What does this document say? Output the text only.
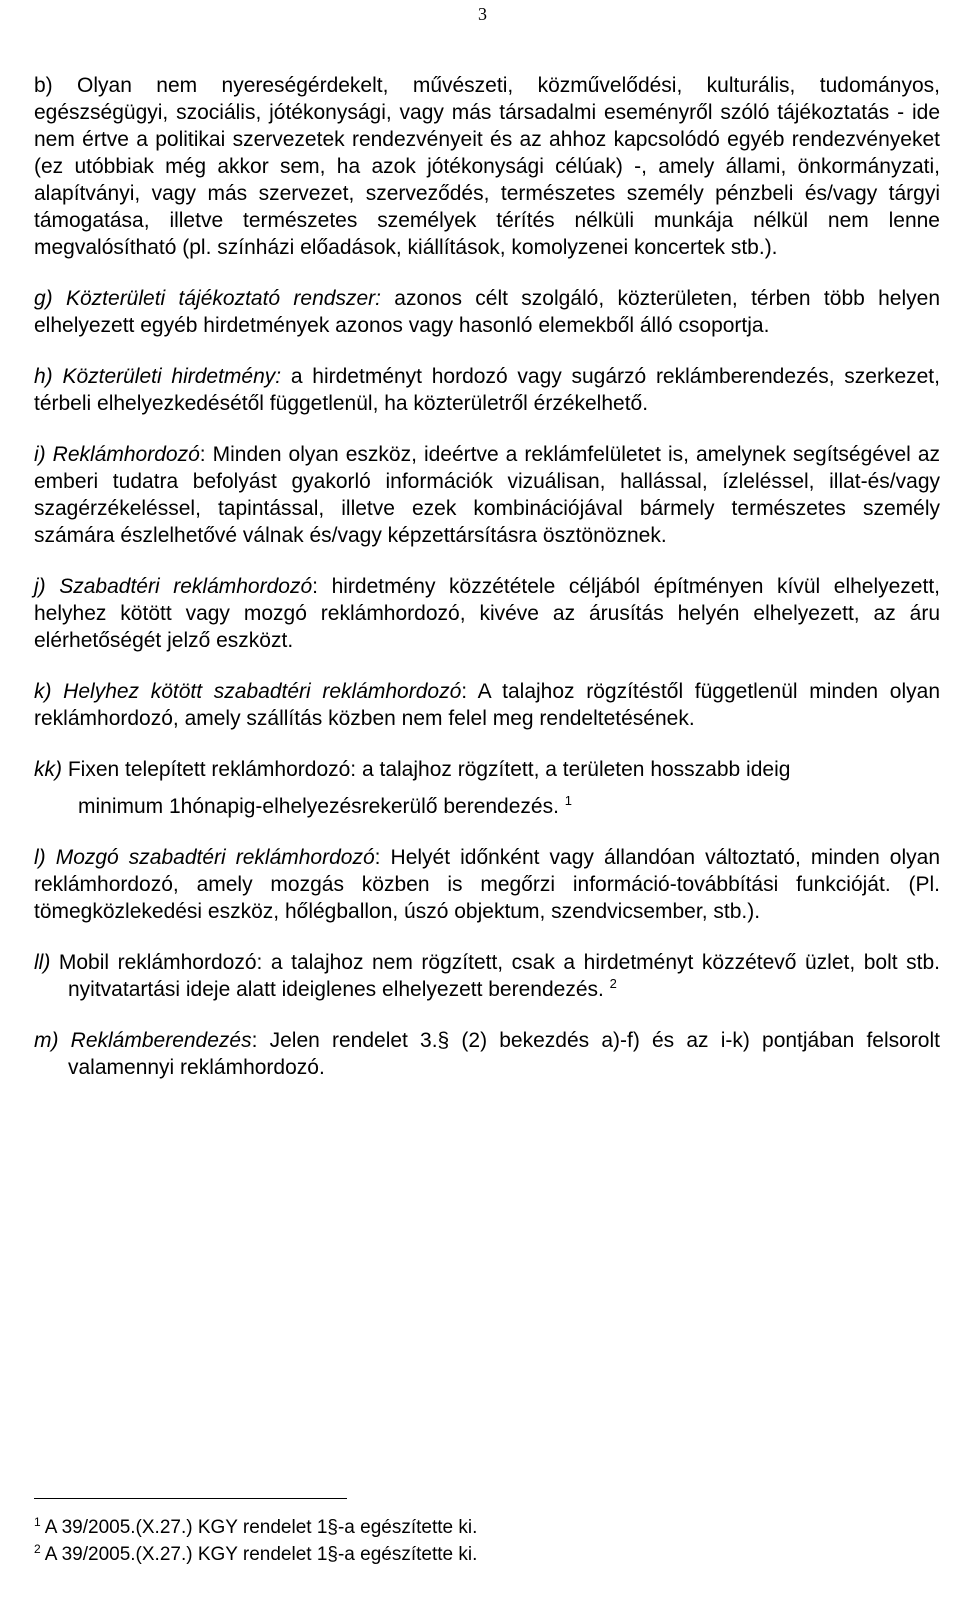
3

b) Olyan nem nyereségérdekelt, művészeti, közművelődési, kulturális, tudományos, egészségügyi, szociális, jótékonysági, vagy más társadalmi eseményről szóló tájékoztatás - ide nem értve a politikai szervezetek rendezvényeit és az ahhoz kapcsolódó egyéb rendezvényeket (ez utóbbiak még akkor sem, ha azok jótékonysági célúak) -, amely állami, önkormányzati, alapítványi, vagy más szervezet, szerveződés, természetes személy pénzbeli és/vagy tárgyi támogatása, illetve természetes személyek térítés nélküli munkája nélkül nem lenne megvalósítható (pl. színházi előadások, kiállítások, komolyzenei koncertek stb.).

g) Közterületi tájékoztató rendszer: azonos célt szolgáló, közterületen, térben több helyen elhelyezett egyéb hirdetmények azonos vagy hasonló elemekből álló csoportja.

h) Közterületi hirdetmény: a hirdetményt hordozó vagy sugárzó reklámberendezés, szerkezet, térbeli elhelyezkedésétől függetlenül, ha közterületről érzékelhető.

i) Reklámhordozó: Minden olyan eszköz, ideértve a reklámfelületet is, amelynek segítségével az emberi tudatra befolyást gyakorló információk vizuálisan, hallással, ízleléssel, illat-és/vagy szagérzékeléssel, tapintással, illetve ezek kombinációjával bármely természetes személy számára észlelhetővé válnak és/vagy képzettársításra ösztönöznek.

j) Szabadtéri reklámhordozó: hirdetmény közzététele céljából építményen kívül elhelyezett, helyhez kötött vagy mozgó reklámhordozó, kivéve az árusítás helyén elhelyezett, az áru elérhetőségét jelző eszközt.

k) Helyhez kötött szabadtéri reklámhordozó: A talajhoz rögzítéstől függetlenül minden olyan reklámhordozó, amely szállítás közben nem felel meg rendeltetésének.

kk) Fixen telepített reklámhordozó: a talajhoz rögzített, a területen hosszabb ideig
minimum 1hónapig-elhelyezésrekerülő berendezés. $^1$

l) Mozgó szabadtéri reklámhordozó: Helyét időnként vagy állandóan változtató, minden olyan reklámhordozó, amely mozgás közben is megőrzi információ-továbbítási funkcióját. (Pl. tömegközlekedési eszköz, hőlégballon, úszó objektum, szendvicsember, stb.).

ll) Mobil reklámhordozó: a talajhoz nem rögzített, csak a hirdetményt közzétevő üzlet, bolt stb. nyitvatartási ideje alatt ideiglenes elhelyezett berendezés. $^2$

m) Reklámberendezés: Jelen rendelet 3.§ (2) bekezdés a)-f) és az i-k) pontjában felsorolt valamennyi reklámhordozó.

$^1$ A 39/2005.(X.27.) KGY rendelet 1§-a egészítette ki.
$^2$ A 39/2005.(X.27.) KGY rendelet 1§-a egészítette ki.
